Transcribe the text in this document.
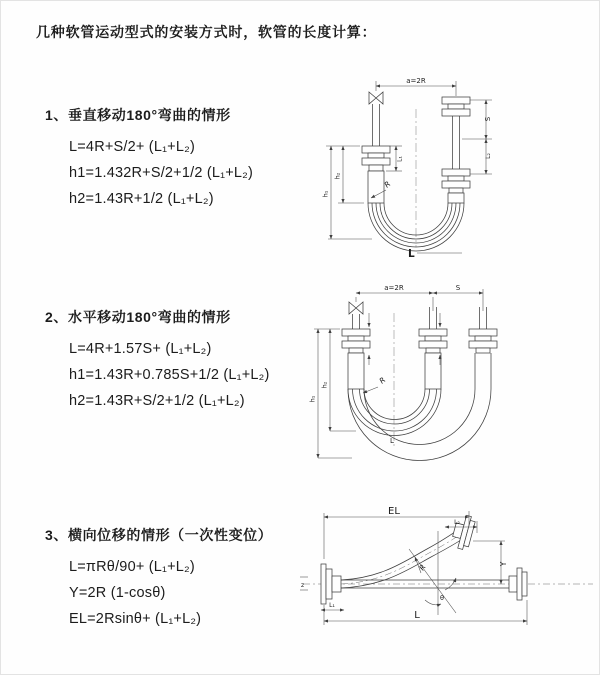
几种软管运动型式的安装方式时，软管的长度计算：
1、垂直移动180°弯曲的情形
L=4R+S/2+ (L₁+L₂)
h1=1.432R+S/2+1/2 (L₁+L₂)
h2=1.43R+1/2 (L₁+L₂)
a=2R
S
L₂
h₁
h₂
L₁
R
L
2、水平移动180°弯曲的情形
L=4R+1.57S+ (L₁+L₂)
h1=1.43R+0.785S+1/2 (L₁+L₂)
h2=1.43R+S/2+1/2 (L₁+L₂)
a=2R	S
h₁
h₂	R
L
3、横向位移的情形（一次性变位）
L=πRθ/90+ (L₁+L₂)
Y=2R (1-cosθ)
EL=2Rsinθ+ (L₁+L₂)
z
EL
L₂
Y
R
θ
L
L₁
